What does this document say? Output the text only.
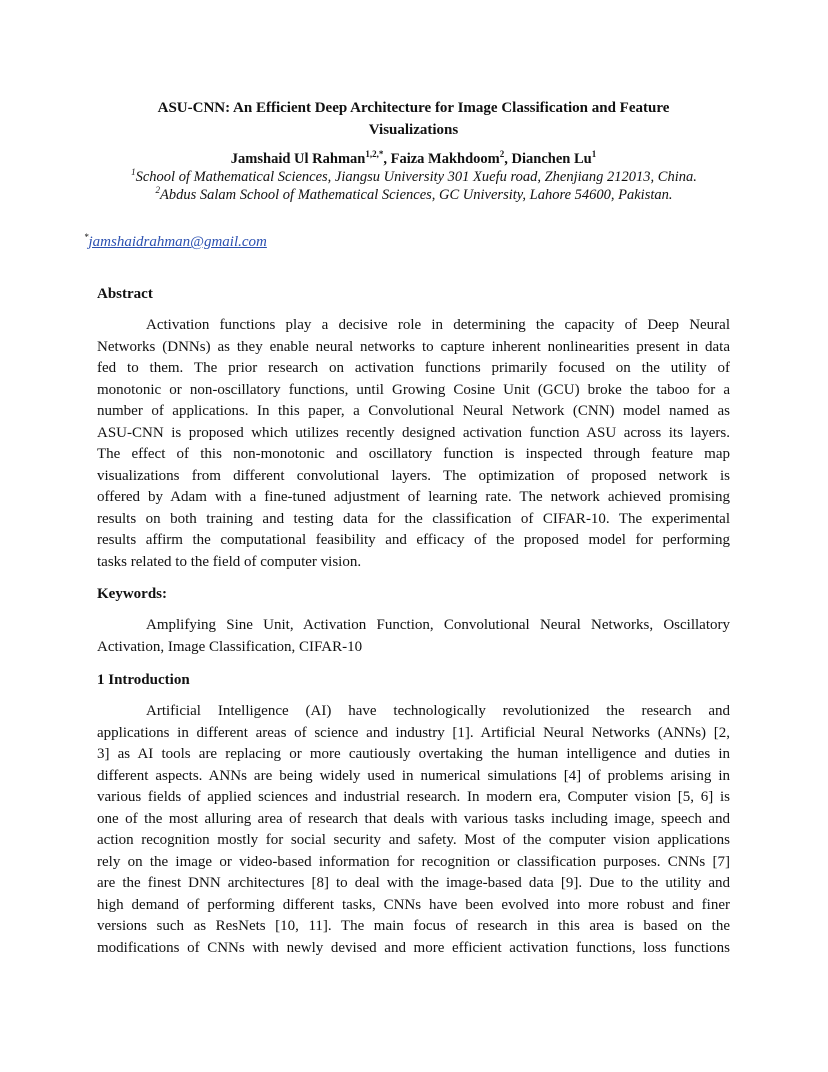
ASU-CNN: An Efficient Deep Architecture for Image Classification and Feature
Visualizations
Jamshaid Ul Rahman$^{1,2,*}$, Faiza Makhdoom$^2$, Dianchen Lu$^1$
$^1$School of Mathematical Sciences, Jiangsu University 301 Xuefu road, Zhenjiang 212013, China.
$^2$Abdus Salam School of Mathematical Sciences, GC University, Lahore 54600, Pakistan.
*jamshaidrahman@gmail.com
Abstract
Activation functions play a decisive role in determining the capacity of Deep Neural
Networks (DNNs) as they enable neural networks to capture inherent nonlinearities present in data
fed to them. The prior research on activation functions primarily focused on the utility of
monotonic or non-oscillatory functions, until Growing Cosine Unit (GCU) broke the taboo for a
number of applications. In this paper, a Convolutional Neural Network (CNN) model named as
ASU-CNN is proposed which utilizes recently designed activation function ASU across its layers.
The effect of this non-monotonic and oscillatory function is inspected through feature map
visualizations from different convolutional layers. The optimization of proposed network is
offered by Adam with a fine-tuned adjustment of learning rate. The network achieved promising
results on both training and testing data for the classification of CIFAR-10. The experimental
results affirm the computational feasibility and efficacy of the proposed model for performing
tasks related to the field of computer vision.
Keywords:
Amplifying Sine Unit, Activation Function, Convolutional Neural Networks, Oscillatory
Activation, Image Classification, CIFAR-10
1 Introduction
Artificial Intelligence (AI) have technologically revolutionized the research and
applications in different areas of science and industry [1]. Artificial Neural Networks (ANNs) [2,
3] as AI tools are replacing or more cautiously overtaking the human intelligence and duties in
different aspects. ANNs are being widely used in numerical simulations [4] of problems arising in
various fields of applied sciences and industrial research. In modern era, Computer vision [5, 6] is
one of the most alluring area of research that deals with various tasks including image, speech and
action recognition mostly for social security and safety. Most of the computer vision applications
rely on the image or video-based information for recognition or classification purposes. CNNs [7]
are the finest DNN architectures [8] to deal with the image-based data [9]. Due to the utility and
high demand of performing different tasks, CNNs have been evolved into more robust and finer
versions such as ResNets [10, 11]. The main focus of research in this area is based on the
modifications of CNNs with newly devised and more efficient activation functions, loss functions
